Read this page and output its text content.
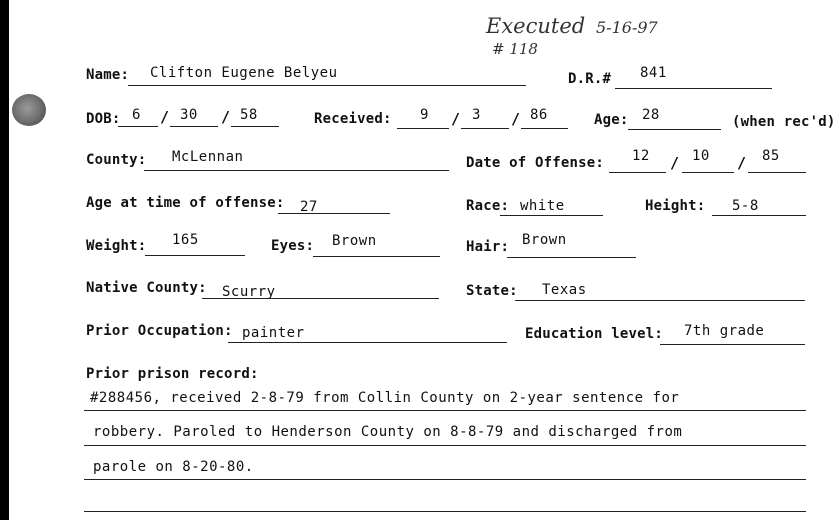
Executed 5-16-97
# 118
Name: Clifton Eugene Belyeu	D.R.# 841
DOB: 6 / 30 / 58	Received: 9 / 3 / 86	Age: 28	(when rec'd)
County: McLennan	Date of Offense: 12 / 10 / 85
Age at time of offense: 27	Race: white	Height: 5-8
Weight: 165	Eyes: Brown	Hair: Brown
Native County: Scurry	State: Texas
Prior Occupation: painter	Education level: 7th grade
Prior prison record:
#288456, received 2-8-79 from Collin County on 2-year sentence for
robbery. Paroled to Henderson County on 8-8-79 and discharged from
parole on 8-20-80.
